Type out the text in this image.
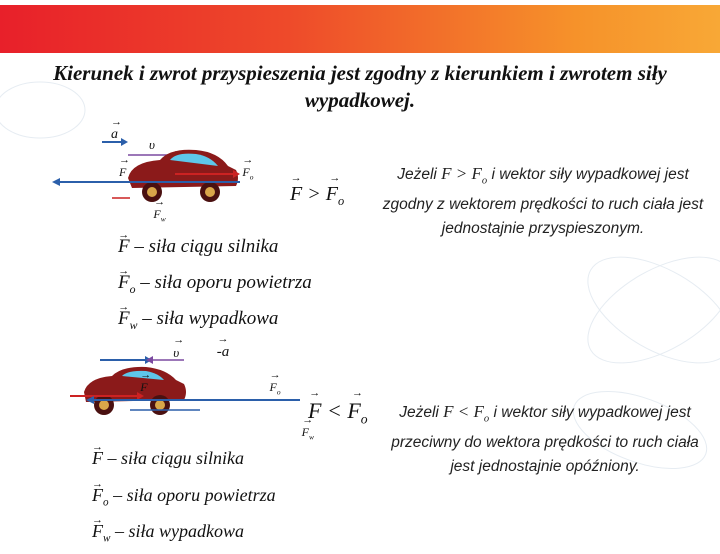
Kierunek i zwrot przyspieszenia jest zgodny z kierunkiem i zwrotem siły wypadkowej.
→ a
υ
→ F	→ $F_o \to F_w$
→ F > → $F_o$
→ F – siła ciągu silnika
→ $F_o$ – siła oporu powietrza
→ $F_w$ – siła wypadkowa
Jeżeli $F > F_o$ i wektor siły wypadkowej jest zgodny z wektorem prędkości to ruch ciała jest jednostajnie przyspieszonym.
→ -a → υ → F	→ $F_o \to F_w$
→ F < → $F_o$
→ F – siła ciągu silnika
→ $F_o$ – siła oporu powietrza
→ $F_w$ – siła wypadkowa
Jeżeli $F < F_o$ i wektor siły wypadkowej jest przeciwny do wektora prędkości to ruch ciała jest jednostajnie opóźniony.
